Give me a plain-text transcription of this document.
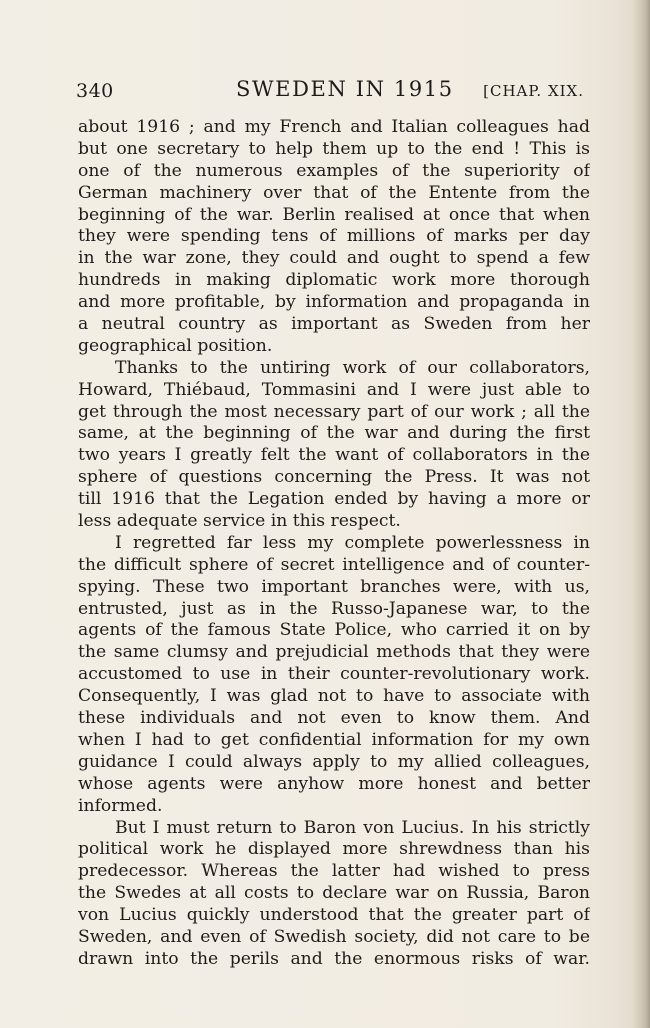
340	SWEDEN IN 1915 [CHAP. XIX.
about 1916 ; and my French and Italian colleagues had
but one secretary to help them up to the end ! This is
one of the numerous examples of the superiority of
German machinery over that of the Entente from the
beginning of the war. Berlin realised at once that when
they were spending tens of millions of marks per day
in the war zone, they could and ought to spend a few
hundreds in making diplomatic work more thorough
and more profitable, by information and propaganda in
a neutral country as important as Sweden from her
geographical position.
Thanks to the untiring work of our collaborators,
Howard, Thiébaud, Tommasini and I were just able to
get through the most necessary part of our work ; all the
same, at the beginning of the war and during the first
two years I greatly felt the want of collaborators in the
sphere of questions concerning the Press. It was not
till 1916 that the Legation ended by having a more or
less adequate service in this respect.
I regretted far less my complete powerlessness in
the difficult sphere of secret intelligence and of counter-
spying. These two important branches were, with us,
entrusted, just as in the Russo-Japanese war, to the
agents of the famous State Police, who carried it on by
the same clumsy and prejudicial methods that they were
accustomed to use in their counter-revolutionary work.
Consequently, I was glad not to have to associate with
these individuals and not even to know them. And
when I had to get confidential information for my own
guidance I could always apply to my allied colleagues,
whose agents were anyhow more honest and better
informed.
But I must return to Baron von Lucius. In his strictly
political work he displayed more shrewdness than his
predecessor. Whereas the latter had wished to press
the Swedes at all costs to declare war on Russia, Baron
von Lucius quickly understood that the greater part of
Sweden, and even of Swedish society, did not care to be
drawn into the perils and the enormous risks of war.
